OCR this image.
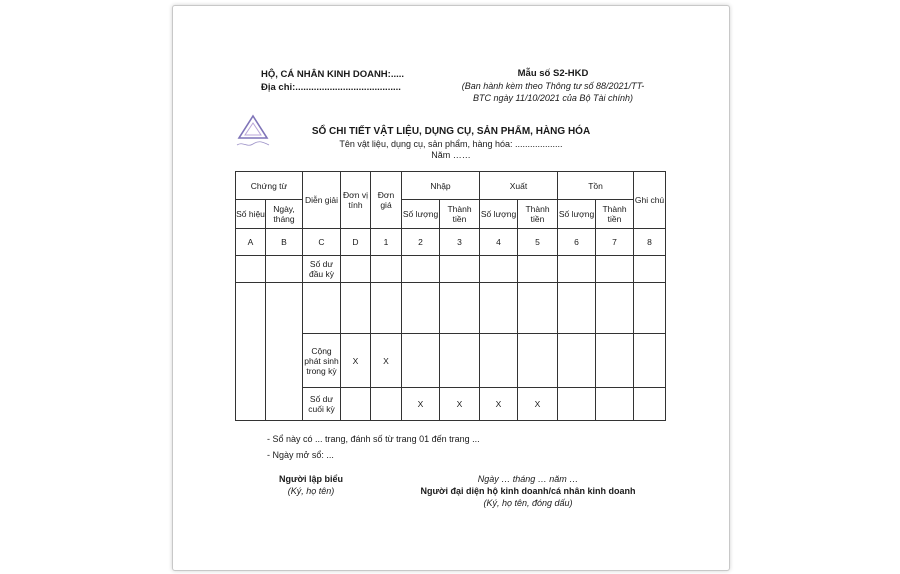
HỘ, CÁ NHÂN KINH DOANH:.....
Địa chỉ:........................................
Mẫu số S2-HKD
(Ban hành kèm theo Thông tư số 88/2021/TT-
BTC ngày 11/10/2021 của Bộ Tài chính)
SỔ CHI TIẾT VẬT LIỆU, DỤNG CỤ, SẢN PHẨM, HÀNG HÓA
Tên vật liệu, dụng cụ, sản phẩm, hàng hóa: ...................
Năm ……
Chứng từ		Diễn giải	Đơn vị tính	Đơn giá	Nhập		Xuất		Tồn		Ghi chú
Số hiệu	Ngày, tháng				Số lượng	Thành tiền	Số lượng	Thành tiền	Số lượng	Thành tiền	
A	B	C	D	1	2	3	4	5	6	7	8
		Số dư đầu kỳ									

		Cộng phát sinh trong kỳ	X	X							
		Số dư cuối kỳ			X	X	X	X			
- Sổ này có ... trang, đánh số từ trang 01 đến trang ...
- Ngày mở sổ: ...
Người lập biểu
(Ký, họ tên)
Ngày … tháng … năm …
Người đại diện hộ kinh doanh/cá nhân kinh doanh
(Ký, họ tên, đóng dấu)
